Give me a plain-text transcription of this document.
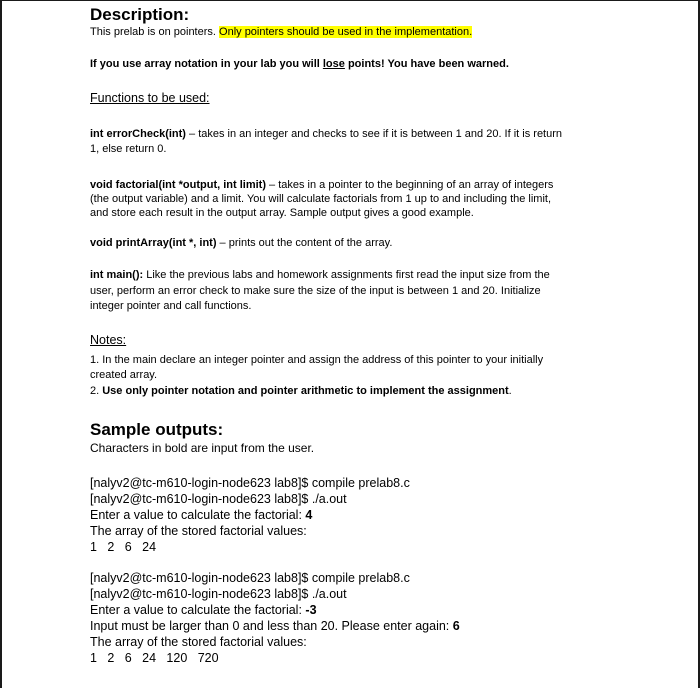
Description:
This prelab is on pointers. Only pointers should be used in the implementation.
If you use array notation in your lab you will lose points! You have been warned.
Functions to be used:
int errorCheck(int) – takes in an integer and checks to see if it is between 1 and 20. If it is return
1, else return 0.
void factorial(int *output, int limit) – takes in a pointer to the beginning of an array of integers
(the output variable) and a limit. You will calculate factorials from 1 up to and including the limit,
and store each result in the output array. Sample output gives a good example.
void printArray(int *, int) – prints out the content of the array.
int main(): Like the previous labs and homework assignments first read the input size from the
user, perform an error check to make sure the size of the input is between 1 and 20. Initialize
integer pointer and call functions.
Notes:
1. In the main declare an integer pointer and assign the address of this pointer to your initially
created array.
2. Use only pointer notation and pointer arithmetic to implement the assignment.
Sample outputs:
Characters in bold are input from the user.
[nalyv2@tc-m610-login-node623 lab8]$ compile prelab8.c
[nalyv2@tc-m610-login-node623 lab8]$ ./a.out
Enter a value to calculate the factorial: 4
The array of the stored factorial values:
1   2   6   24
[nalyv2@tc-m610-login-node623 lab8]$ compile prelab8.c
[nalyv2@tc-m610-login-node623 lab8]$ ./a.out
Enter a value to calculate the factorial: -3
Input must be larger than 0 and less than 20. Please enter again: 6
The array of the stored factorial values:
1   2   6   24   120   720
